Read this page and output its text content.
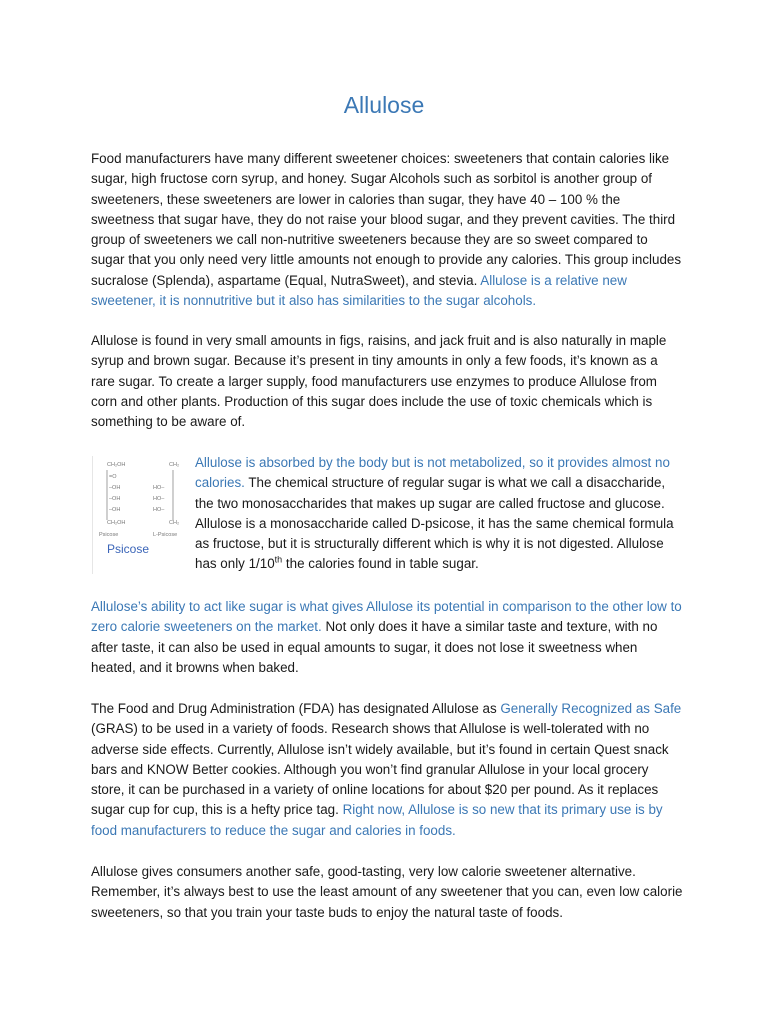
Allulose

Food manufacturers have many different sweetener choices: sweeteners that contain calories like sugar, high fructose corn syrup, and honey. Sugar Alcohols such as sorbitol is another group of sweeteners, these sweeteners are lower in calories than sugar, they have 40 – 100 % the sweetness that sugar have, they do not raise your blood sugar, and they prevent cavities. The third group of sweeteners we call non-nutritive sweeteners because they are so sweet compared to sugar that you only need very little amounts not enough to provide any calories. This group includes sucralose (Splenda), aspartame (Equal, NutraSweet), and stevia. Allulose is a relative new sweetener, it is nonnutritive but it also has similarities to the sugar alcohols.

Allulose is found in very small amounts in figs, raisins, and jack fruit and is also naturally in maple syrup and brown sugar. Because it’s present in tiny amounts in only a few foods, it’s known as a rare sugar. To create a larger supply, food manufacturers use enzymes to produce Allulose from corn and other plants. Production of this sugar does include the use of toxic chemicals which is something to be aware of.

CH₂OH
=O
–OH
–OH
–OH
CH₂OH
CH₂
HO–
HO–
HO–
CH₂
Psicose	L-Psicose
Psicose

Allulose is absorbed by the body but is not metabolized, so it provides almost no calories. The chemical structure of regular sugar is what we call a disaccharide, the two monosaccharides that makes up sugar are called fructose and glucose. Allulose is a monosaccharide called D-psicose, it has the same chemical formula as fructose, but it is structurally different which is why it is not digested. Allulose has only 1/10th the calories found in table sugar.

Allulose’s ability to act like sugar is what gives Allulose its potential in comparison to the other low to zero calorie sweeteners on the market. Not only does it have a similar taste and texture, with no after taste, it can also be used in equal amounts to sugar, it does not lose it sweetness when heated, and it browns when baked.

The Food and Drug Administration (FDA) has designated Allulose as Generally Recognized as Safe (GRAS) to be used in a variety of foods. Research shows that Allulose is well-tolerated with no adverse side effects. Currently, Allulose isn’t widely available, but it’s found in certain Quest snack bars and KNOW Better cookies. Although you won’t find granular Allulose in your local grocery store, it can be purchased in a variety of online locations for about $20 per pound. As it replaces sugar cup for cup, this is a hefty price tag. Right now, Allulose is so new that its primary use is by food manufacturers to reduce the sugar and calories in foods.

Allulose gives consumers another safe, good-tasting, very low calorie sweetener alternative. Remember, it’s always best to use the least amount of any sweetener that you can, even low calorie sweeteners, so that you train your taste buds to enjoy the natural taste of foods.
